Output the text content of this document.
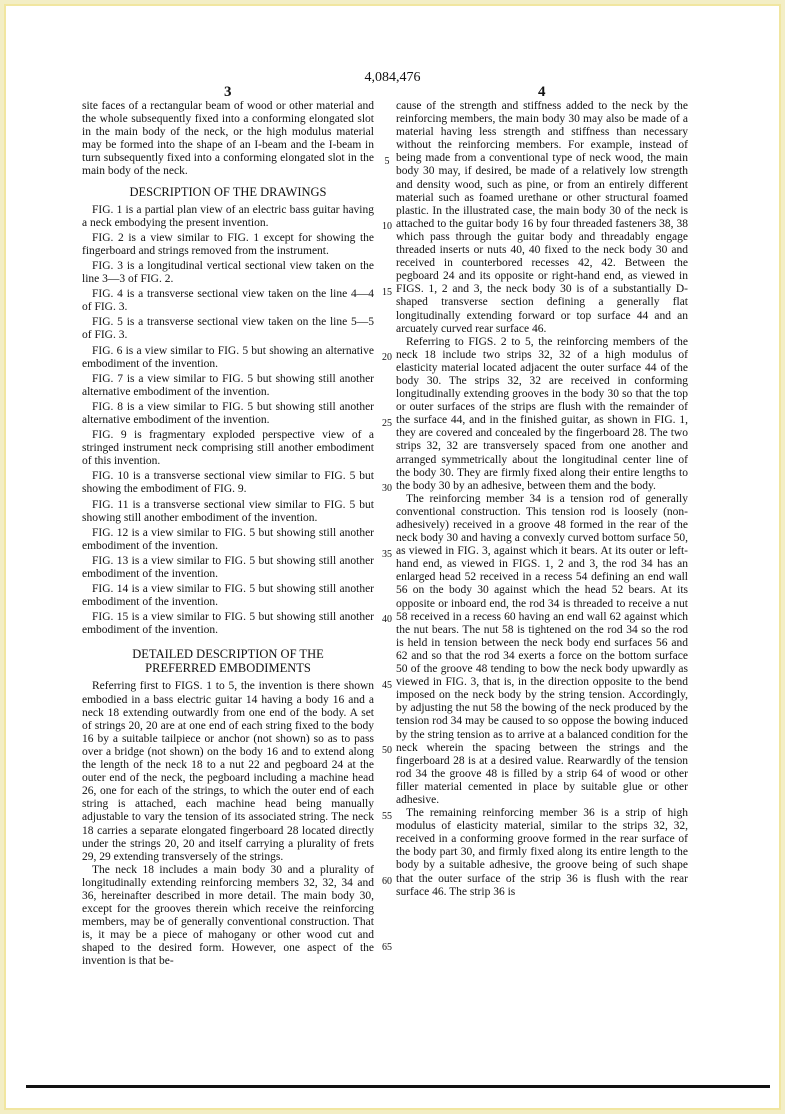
4,084,476
3	4

site faces of a rectangular beam of wood or other material and the whole subsequently fixed into a conforming elongated slot in the main body of the neck, or the high modulus material may be formed into the shape of an I-beam and the I-beam in turn subsequently fixed into a conforming elongated slot in the main body of the neck.

DESCRIPTION OF THE DRAWINGS

FIG. 1 is a partial plan view of an electric bass guitar having a neck embodying the present invention.

FIG. 2 is a view similar to FIG. 1 except for showing the fingerboard and strings removed from the instrument.

FIG. 3 is a longitudinal vertical sectional view taken on the line 3—3 of FIG. 2.

FIG. 4 is a transverse sectional view taken on the line 4—4 of FIG. 3.

FIG. 5 is a transverse sectional view taken on the line 5—5 of FIG. 3.

FIG. 6 is a view similar to FIG. 5 but showing an alternative embodiment of the invention.

FIG. 7 is a view similar to FIG. 5 but showing still another alternative embodiment of the invention.

FIG. 8 is a view similar to FIG. 5 but showing still another alternative embodiment of the invention.

FIG. 9 is fragmentary exploded perspective view of a stringed instrument neck comprising still another embodiment of this invention.

FIG. 10 is a transverse sectional view similar to FIG. 5 but showing the embodiment of FIG. 9.

FIG. 11 is a transverse sectional view similar to FIG. 5 but showing still another embodiment of the invention.

FIG. 12 is a view similar to FIG. 5 but showing still another embodiment of the invention.

FIG. 13 is a view similar to FIG. 5 but showing still another embodiment of the invention.

FIG. 14 is a view similar to FIG. 5 but showing still another embodiment of the invention.

FIG. 15 is a view similar to FIG. 5 but showing still another embodiment of the invention.

DETAILED DESCRIPTION OF THE
PREFERRED EMBODIMENTS

Referring first to FIGS. 1 to 5, the invention is there shown embodied in a bass electric guitar 14 having a body 16 and a neck 18 extending outwardly from one end of the body. A set of strings 20, 20 are at one end of each string fixed to the body 16 by a suitable tailpiece or anchor (not shown) so as to pass over a bridge (not shown) on the body 16 and to extend along the length of the neck 18 to a nut 22 and pegboard 24 at the outer end of the neck, the pegboard including a machine head 26, one for each of the strings, to which the outer end of each string is attached, each machine head being manually adjustable to vary the tension of its associated string. The neck 18 carries a separate elongated fingerboard 28 located directly under the strings 20, 20 and itself carrying a plurality of frets 29, 29 extending transversely of the strings.

The neck 18 includes a main body 30 and a plurality of longitudinally extending reinforcing members 32, 32, 34 and 36, hereinafter described in more detail. The main body 30, except for the grooves therein which receive the reinforcing members, may be of generally conventional construction. That is, it may be a piece of mahogany or other wood cut and shaped to the desired form. However, one aspect of the invention is that be-

5
10
15
20
25
30
35
40
45
50
55
60
65

cause of the strength and stiffness added to the neck by the reinforcing members, the main body 30 may also be made of a material having less strength and stiffness than necessary without the reinforcing members. For example, instead of being made from a conventional type of neck wood, the main body 30 may, if desired, be made of a relatively low strength and density wood, such as pine, or from an entirely different material such as foamed urethane or other structural foamed plastic. In the illustrated case, the main body 30 of the neck is attached to the guitar body 16 by four threaded fasteners 38, 38 which pass through the guitar body and threadably engage threaded inserts or nuts 40, 40 fixed to the neck body 30 and received in counterbored recesses 42, 42. Between the pegboard 24 and its opposite or right-hand end, as viewed in FIGS. 1, 2 and 3, the neck body 30 is of a substantially D-shaped transverse section defining a generally flat longitudinally extending forward or top surface 44 and an arcuately curved rear surface 46.

Referring to FIGS. 2 to 5, the reinforcing members of the neck 18 include two strips 32, 32 of a high modulus of elasticity material located adjacent the outer surface 44 of the body 30. The strips 32, 32 are received in conforming longitudinally extending grooves in the body 30 so that the top or outer surfaces of the strips are flush with the remainder of the surface 44, and in the finished guitar, as shown in FIG. 1, they are covered and concealed by the fingerboard 28. The two strips 32, 32 are transversely spaced from one another and arranged symmetrically about the longitudinal center line of the body 30. They are firmly fixed along their entire lengths to the body 30 by an adhesive, between them and the body.

The reinforcing member 34 is a tension rod of generally conventional construction. This tension rod is loosely (non-adhesively) received in a groove 48 formed in the rear of the neck body 30 and having a convexly curved bottom surface 50, as viewed in FIG. 3, against which it bears. At its outer or left-hand end, as viewed in FIGS. 1, 2 and 3, the rod 34 has an enlarged head 52 received in a recess 54 defining an end wall 56 on the body 30 against which the head 52 bears. At its opposite or inboard end, the rod 34 is threaded to receive a nut 58 received in a recess 60 having an end wall 62 against which the nut bears. The nut 58 is tightened on the rod 34 so the rod is held in tension between the neck body end surfaces 56 and 62 and so that the rod 34 exerts a force on the bottom surface 50 of the groove 48 tending to bow the neck body upwardly as viewed in FIG. 3, that is, in the direction opposite to the bend imposed on the neck body by the string tension. Accordingly, by adjusting the nut 58 the bowing of the neck produced by the tension rod 34 may be caused to so oppose the bowing induced by the string tension as to arrive at a balanced condition for the neck wherein the spacing between the strings and the fingerboard 28 is at a desired value. Rearwardly of the tension rod 34 the groove 48 is filled by a strip 64 of wood or other filler material cemented in place by suitable glue or other adhesive.

The remaining reinforcing member 36 is a strip of high modulus of elasticity material, similar to the strips 32, 32, received in a conforming groove formed in the rear surface of the body part 30, and firmly fixed along its entire length to the body by a suitable adhesive, the groove being of such shape that the outer surface of the strip 36 is flush with the rear surface 46. The strip 36 is
